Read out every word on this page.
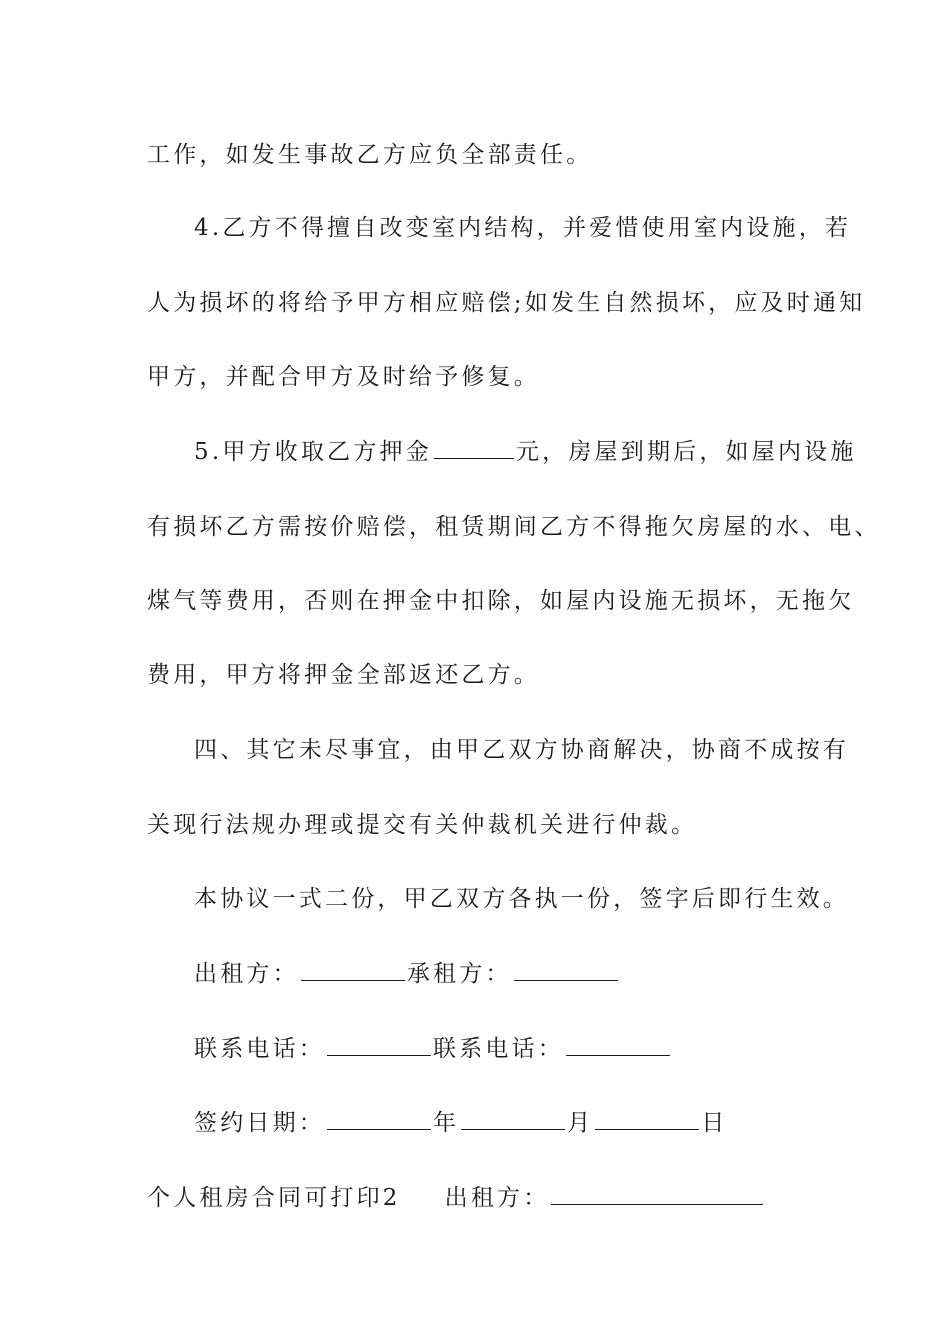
工作，如发生事故乙方应负全部责任。
4.乙方不得擅自改变室内结构，并爱惜使用室内设施，若
人为损坏的将给予甲方相应赔偿;如发生自然损坏，应及时通知
甲方，并配合甲方及时给予修复。
5.甲方收取乙方押金	元，房屋到期后，如屋内设施
有损坏乙方需按价赔偿，租赁期间乙方不得拖欠房屋的水、电、
煤气等费用，否则在押金中扣除，如屋内设施无损坏，无拖欠
费用，甲方将押金全部返还乙方。
四、其它未尽事宜，由甲乙双方协商解决，协商不成按有
关现行法规办理或提交有关仲裁机关进行仲裁。
本协议一式二份，甲乙双方各执一份，签字后即行生效。
出租方：	承租方：
联系电话：	联系电话：
签约日期：	年	月	日
个人租房合同可打印2 出租方：
